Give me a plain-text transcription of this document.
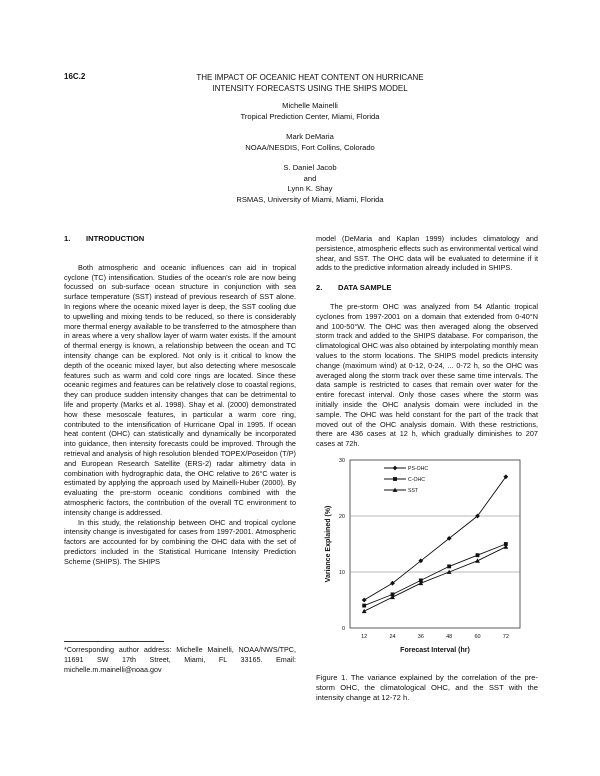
16C.2	THE IMPACT OF OCEANIC HEAT CONTENT ON HURRICANE
INTENSITY FORECASTS USING THE SHIPS MODEL
Michelle Mainelli
Tropical Prediction Center, Miami, Florida
Mark DeMaria
NOAA/NESDIS, Fort Collins, Colorado
S. Daniel Jacob
and
Lynn K. Shay
RSMAS, University of Miami, Miami, Florida
1. INTRODUCTION

Both atmospheric and oceanic influences can aid in tropical cyclone (TC) intensification. Studies of the ocean's role are now being focussed on sub-surface ocean structure in conjunction with sea surface temperature (SST) instead of previous research of SST alone. In regions where the oceanic mixed layer is deep, the SST cooling due to upwelling and mixing tends to be reduced, so there is considerably more thermal energy available to be transferred to the atmosphere than in areas where a very shallow layer of warm water exists. If the amount of thermal energy is known, a relationship between the ocean and TC intensity change can be explored. Not only is it critical to know the depth of the oceanic mixed layer, but also detecting where mesoscale features such as warm and cold core rings are located. Since these oceanic regimes and features can be relatively close to coastal regions, they can produce sudden intensity changes that can be detrimental to life and property (Marks et al. 1998). Shay et al. (2000) demonstrated how these mesoscale features, in particular a warm core ring, contributed to the intensification of Hurricane Opal in 1995. If ocean heat content (OHC) can statistically and dynamically be incorporated into guidance, then intensity forecasts could be improved. Through the retrieval and analysis of high resolution blended TOPEX/Poseidon (T/P) and European Research Satellite (ERS-2) radar altimetry data in combination with hydrographic data, the OHC relative to 26°C water is estimated by applying the approach used by Mainelli-Huber (2000). By evaluating the pre-storm oceanic conditions combined with the atmospheric factors, the contribution of the overall TC environment to intensity change is addressed.

In this study, the relationship between OHC and tropical cyclone intensity change is investigated for cases from 1997-2001. Atmospheric factors are accounted for by combining the OHC data with the set of predictors included in the Statistical Hurricane Intensity Prediction Scheme (SHIPS). The SHIPS

model (DeMaria and Kaplan 1999) includes climatology and persistence, atmospheric effects such as environmental vertical wind shear, and SST. The OHC data will be evaluated to determine if it adds to the predictive information already included in SHIPS.

2. DATA SAMPLE

The pre-storm OHC was analyzed from 54 Atlantic tropical cyclones from 1997-2001 on a domain that extended from 0-40°N and 100-50°W. The OHC was then averaged along the observed storm track and added to the SHIPS database. For comparison, the climatological OHC was also obtained by interpolating monthly mean values to the storm locations. The SHIPS model predicts intensity change (maximum wind) at 0-12, 0-24, ... 0-72 h, so the OHC was averaged along the storm track over these same time intervals. The data sample is restricted to cases that remain over water for the entire forecast interval. Only those cases where the storm was initially inside the OHC analysis domain were included in the sample. The OHC was held constant for the part of the track that moved out of the OHC analysis domain. With these restrictions, there are 436 cases at 12 h, which gradually diminishes to 207 cases at 72h.

0
10
20
30
12	24	36	48	60	72
Forecast Interval (hr)
Variance Explained (%)
PS-OHC
C-OHC
SST
*Corresponding author address: Michelle Mainelli, NOAA/NWS/TPC, 11691 SW 17th Street, Miami, FL 33165. Email: michelle.m.mainelli@noaa.gov
Figure 1. The variance explained by the correlation of the pre-storm OHC, the climatological OHC, and the SST with the intensity change at 12-72 h.
